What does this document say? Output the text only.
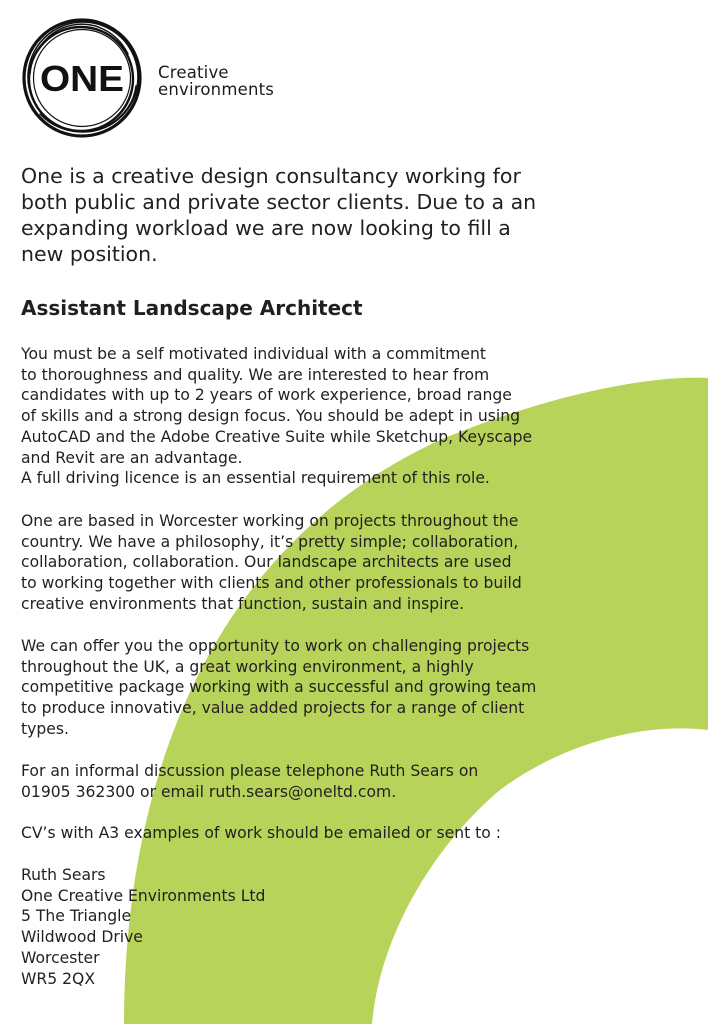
ONE Creative
environments
One is a creative design consultancy working for
both public and private sector clients. Due to a an
expanding workload we are now looking to fill a
new position.
Assistant Landscape Architect
You must be a self motivated individual with a commitment
to thoroughness and quality. We are interested to hear from
candidates with up to 2 years of work experience, broad range
of skills and a strong design focus. You should be adept in using
AutoCAD and the Adobe Creative Suite while Sketchup, Keyscape
and Revit are an advantage.
A full driving licence is an essential requirement of this role.
One are based in Worcester working on projects throughout the
country. We have a philosophy, it’s pretty simple; collaboration,
collaboration, collaboration. Our landscape architects are used
to working together with clients and other professionals to build
creative environments that function, sustain and inspire.
We can offer you the opportunity to work on challenging projects
throughout the UK, a great working environment, a highly
competitive package working with a successful and growing team
to produce innovative, value added projects for a range of client
types.
For an informal discussion please telephone Ruth Sears on
01905 362300 or email ruth.sears@oneltd.com.
CV’s with A3 examples of work should be emailed or sent to :
Ruth Sears
One Creative Environments Ltd
5 The Triangle
Wildwood Drive
Worcester
WR5 2QX
